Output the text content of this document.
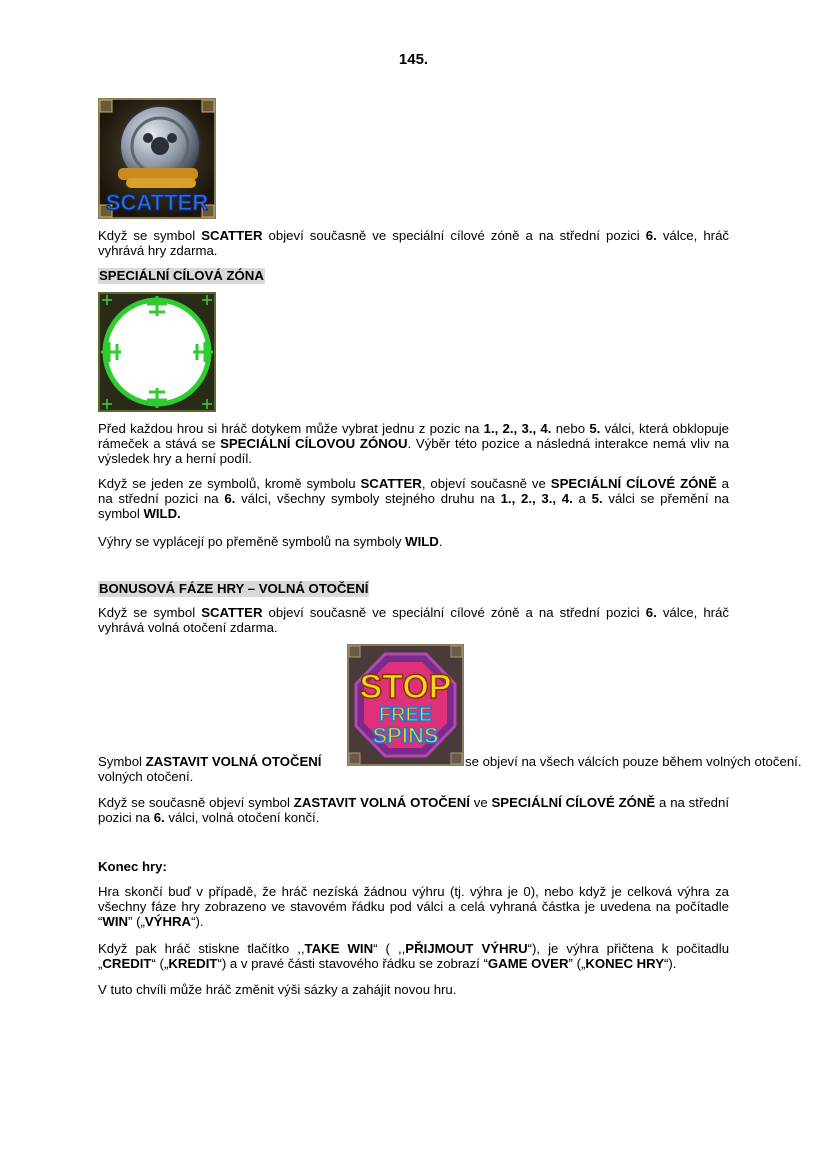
145.
SCATTER

Když se symbol SCATTER objeví současně ve speciální cílové zóně a na střední pozici 6. válce, hráč vyhrává hry zdarma.

SPECIÁLNÍ CÍLOVÁ ZÓNA

Před každou hrou si hráč dotykem může vybrat jednu z pozic na 1., 2., 3., 4. nebo 5. válci, která obklopuje rámeček a stává se SPECIÁLNÍ CÍLOVOU ZÓNOU. Výběr této pozice a následná interakce nemá vliv na výsledek hry a herní podíl.

Když se jeden ze symbolů, kromě symbolu SCATTER, objeví současně ve SPECIÁLNÍ CÍLOVÉ ZÓNĚ a na střední pozici na 6. válci, všechny symboly stejného druhu na 1., 2., 3., 4. a 5. válci se přemění na symbol WILD.

Výhry se vyplácejí po přeměně symbolů na symboly WILD.

BONUSOVÁ FÁZE HRY – VOLNÁ OTOČENÍ

Když se symbol SCATTER objeví současně ve speciální cílové zóně a na střední pozici 6. válce, hráč vyhrává volná otočení zdarma.

STOP
FREE
SPINS
Symbol ZASTAVIT VOLNÁ OTOČENÍ	se objeví na všech válcích pouze během volných otočení.

volných otočení.

Když se současně objeví symbol ZASTAVIT VOLNÁ OTOČENÍ ve SPECIÁLNÍ CÍLOVÉ ZÓNĚ a na střední pozici na 6. válci, volná otočení končí.

Konec hry:

Hra skončí buď v případě, že hráč nezíská žádnou výhru (tj. výhra je 0), nebo když je celková výhra za všechny fáze hry zobrazeno ve stavovém řádku pod válci a celá vyhraná částka je uvedena na počítadle “WIN” („VÝHRA“).

Když pak hráč stiskne tlačítko ,,TAKE WIN“ ( ,,PŘIJMOUT VÝHRU“), je výhra přičtena k počitadlu „CREDIT“ („KREDIT“) a v pravé části stavového řádku se zobrazí “GAME OVER” („KONEC HRY“).

V tuto chvíli může hráč změnit výši sázky a zahájit novou hru.
